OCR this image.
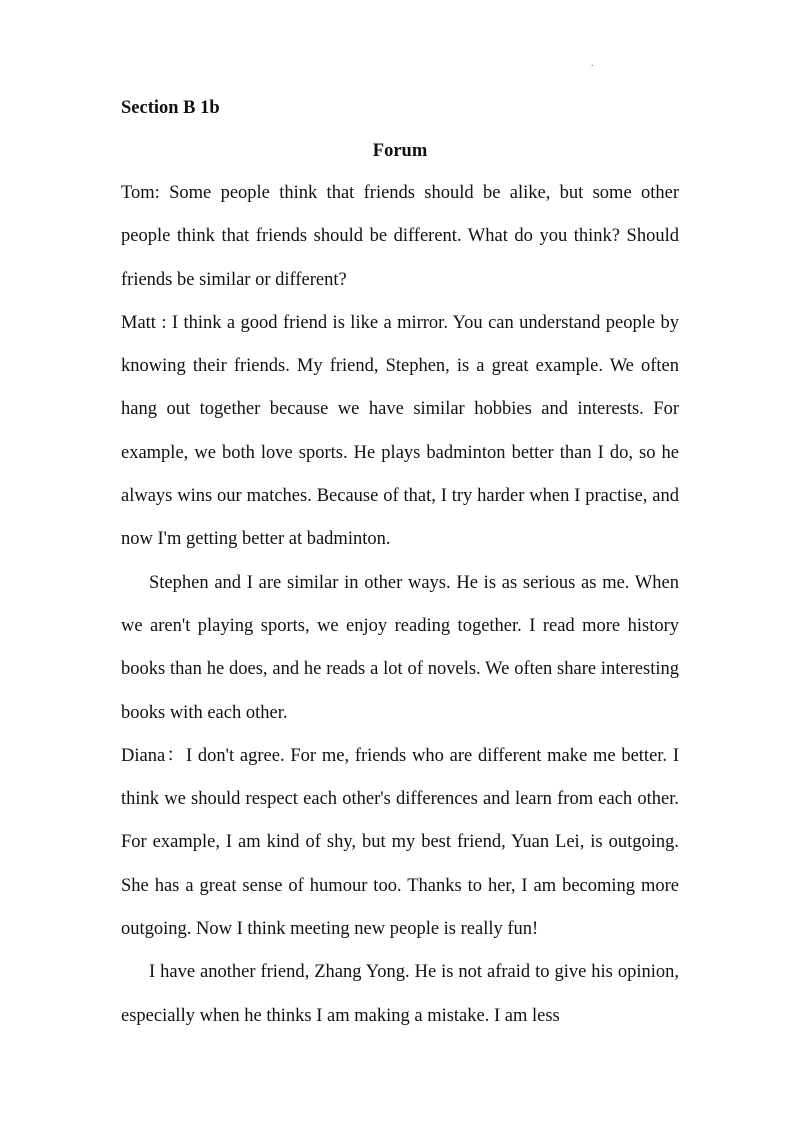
.
Section B 1b
Forum

Tom: Some people think that friends should be alike, but some other people think that friends should be different. What do you think? Should friends be similar or different?

Matt : I think a good friend is like a mirror. You can understand people by knowing their friends. My friend, Stephen, is a great example. We often hang out together because we have similar hobbies and interests. For example, we both love sports. He plays badminton better than I do, so he always wins our matches. Because of that, I try harder when I practise, and now I'm getting better at badminton.

Stephen and I are similar in other ways. He is as serious as me. When we aren't playing sports, we enjoy reading together. I read more history books than he does, and he reads a lot of novels. We often share interesting books with each other.

Diana：I don't agree. For me, friends who are different make me better. I think we should respect each other's differences and learn from each other. For example, I am kind of shy, but my best friend, Yuan Lei, is outgoing. She has a great sense of humour too. Thanks to her, I am becoming more outgoing. Now I think meeting new people is really fun!

I have another friend, Zhang Yong. He is not afraid to give his opinion, especially when he thinks I am making a mistake. I am less
